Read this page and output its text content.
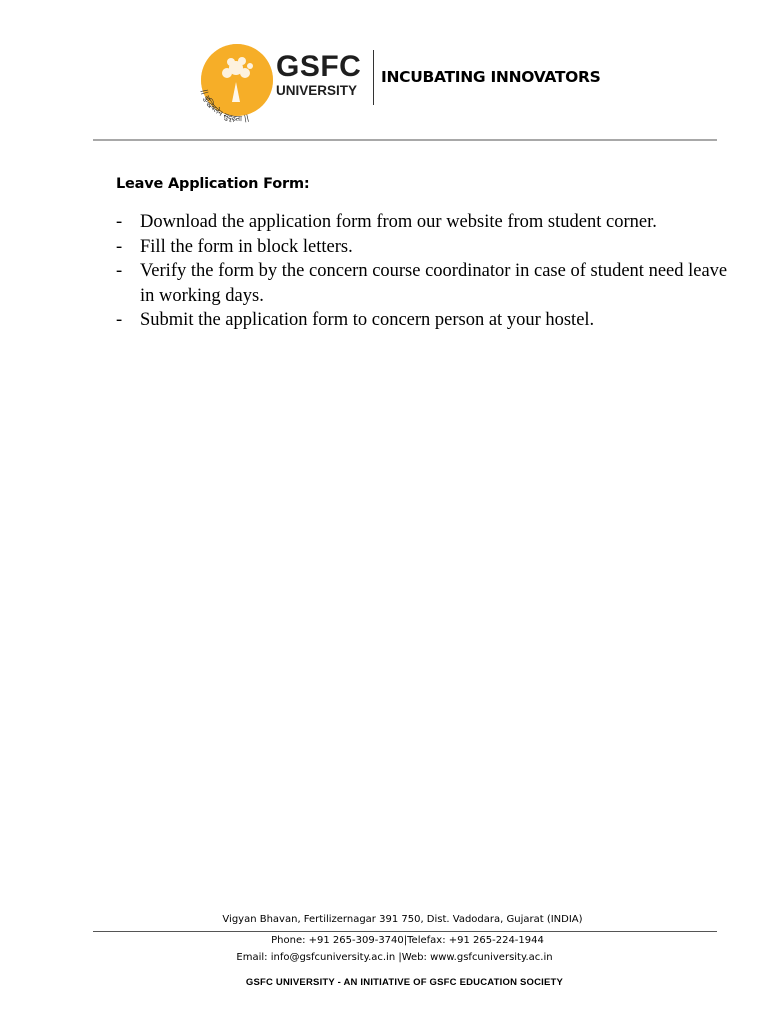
|| बुद्धिबलेन सुदृढ़ता ||
GSFC
UNIVERSITY
INCUBATING INNOVATORS
Leave Application Form:
- Download the application form from our website from student corner.
- Fill the form in block letters.
- Verify the form by the concern course coordinator in case of student need leave in working days.
- Submit the application form to concern person at your hostel.
Vigyan Bhavan, Fertilizernagar 391 750, Dist. Vadodara, Gujarat (INDIA)
Phone: +91 265-309-3740|Telefax: +91 265-224-1944
Email: info@gsfcuniversity.ac.in |Web: www.gsfcuniversity.ac.in
GSFC UNIVERSITY - AN INITIATIVE OF GSFC EDUCATION SOCIETY
